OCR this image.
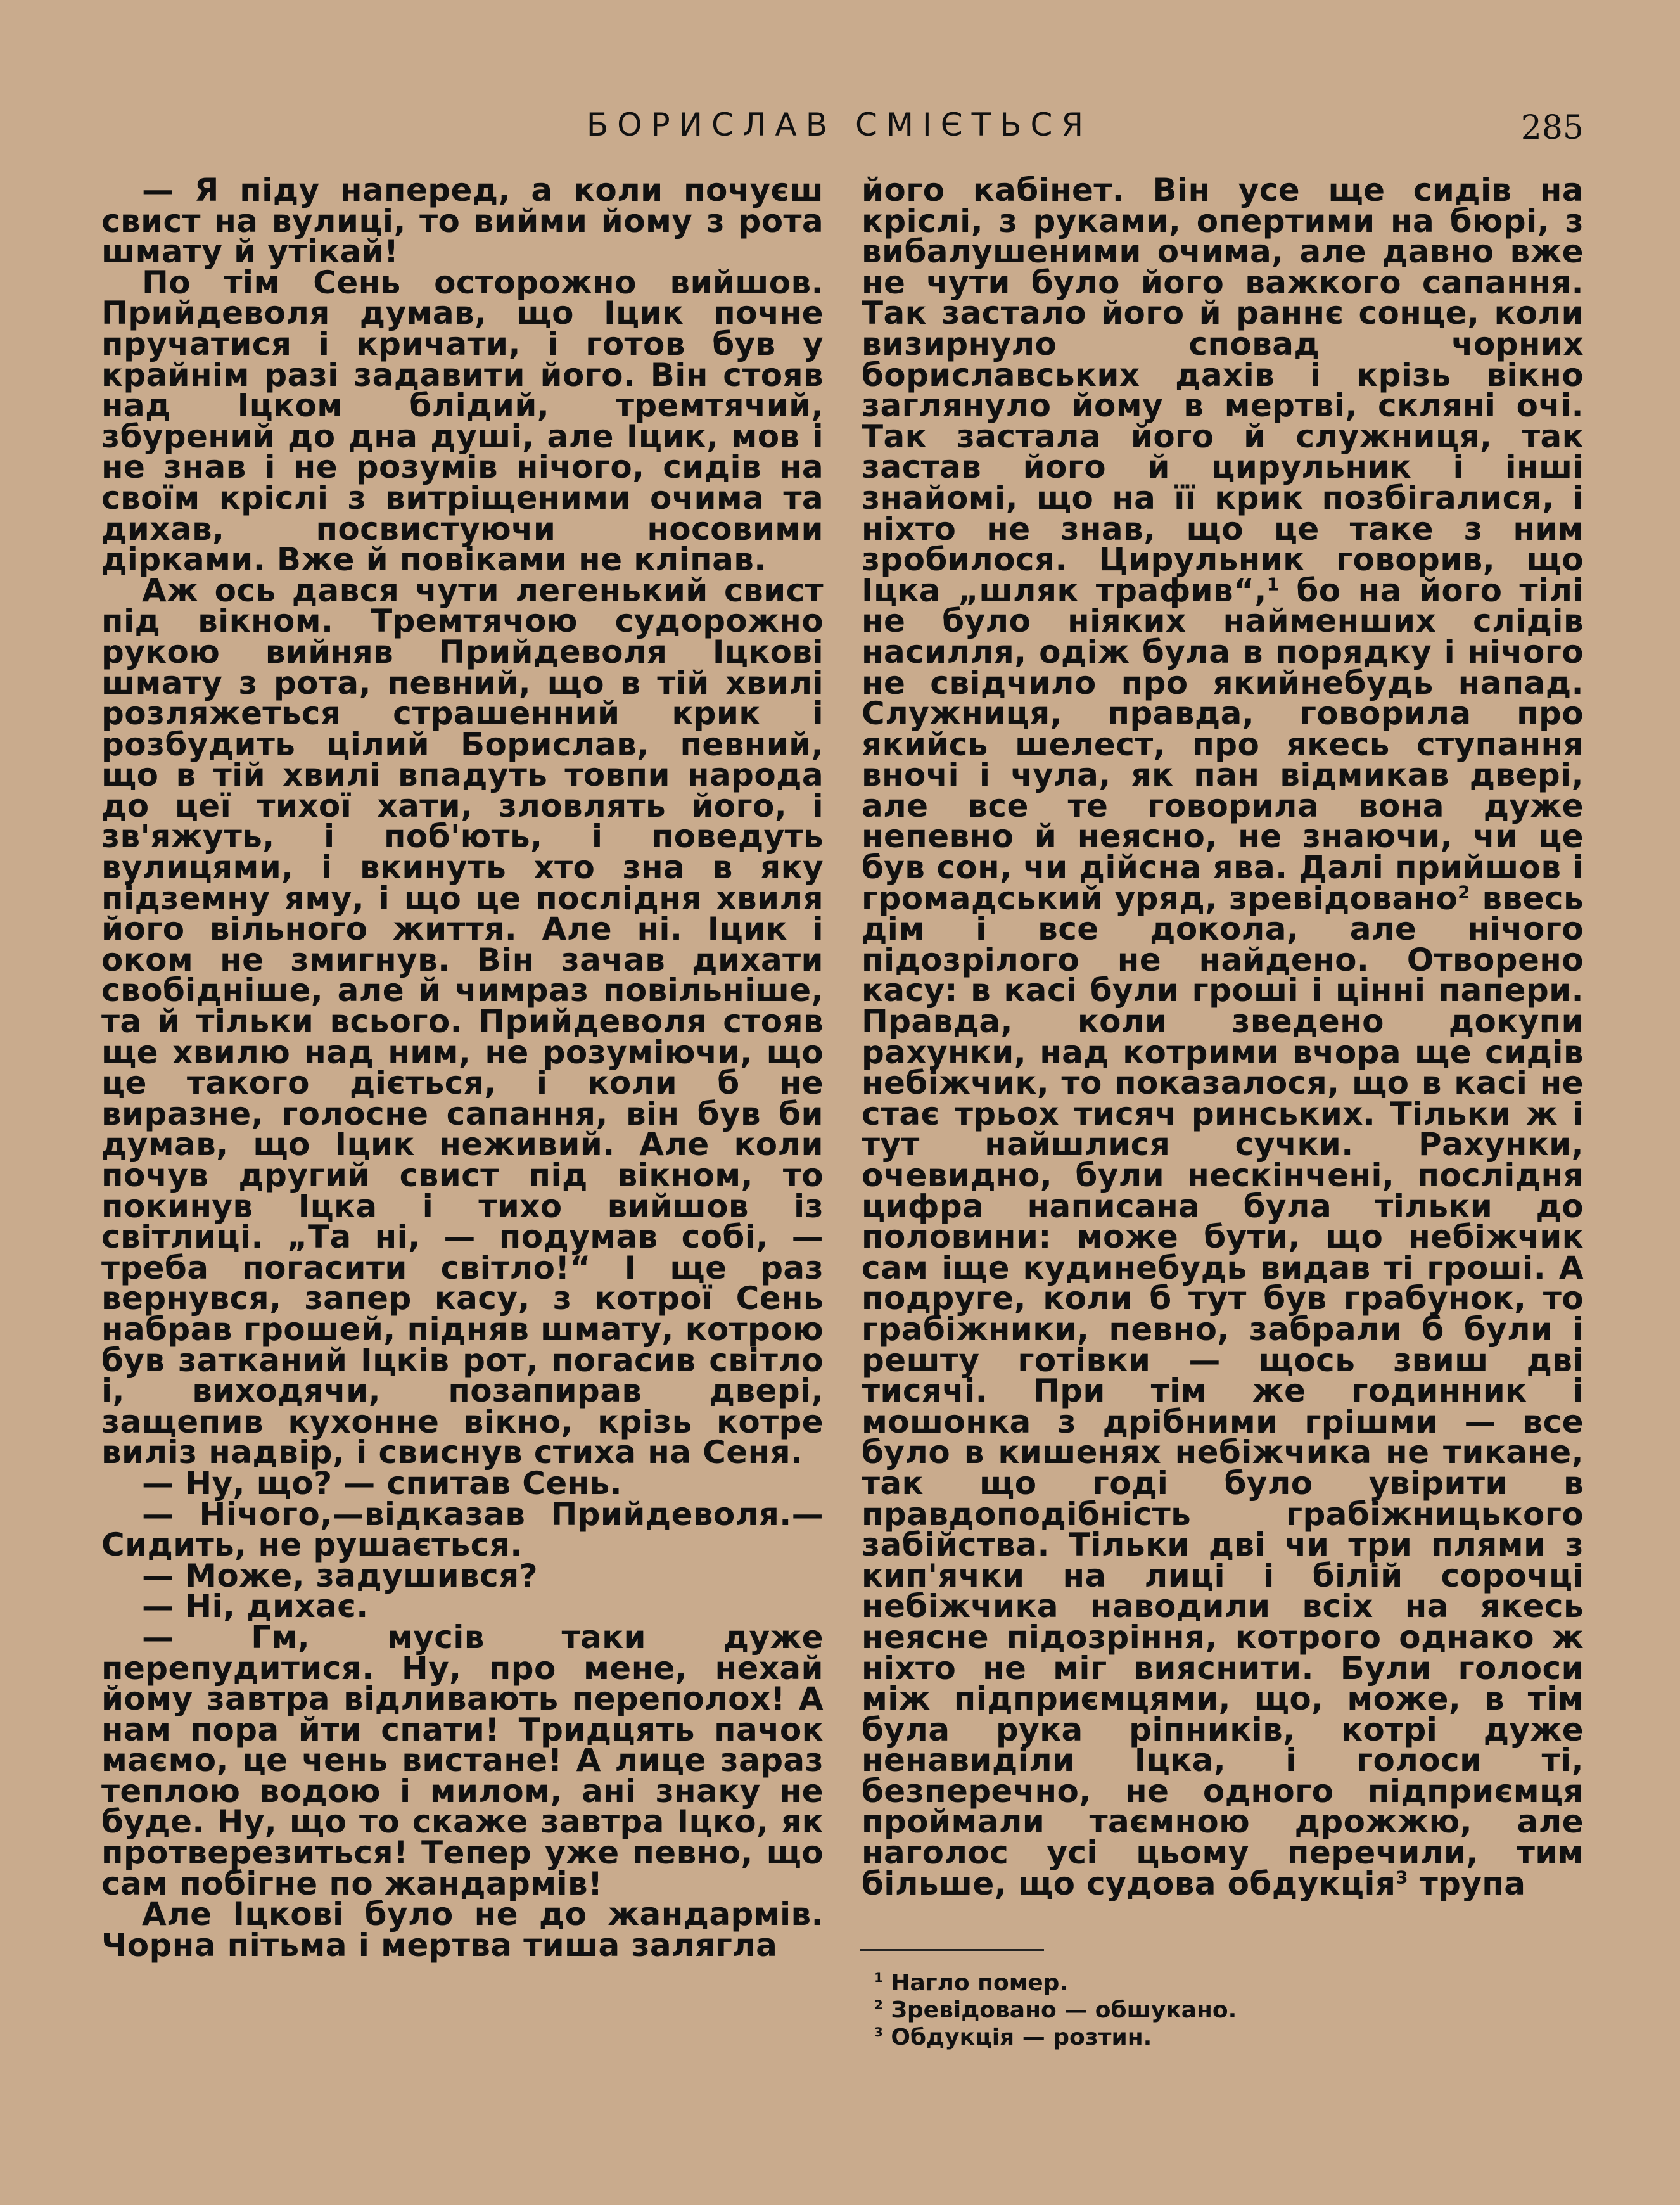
БОРИСЛАВ СМІЄТЬСЯ	285

— Я піду наперед, а коли почуєш свист на вулиці, то вийми йому з рота шмату й утікай!

По тім Сень осторожно вийшов. Прийдеволя думав, що Іцик почне пручатися і кричати, і готов був у крайнім разі задавити його. Він стояв над Іцком блідий, тремтячий, збурений до дна душі, але Іцик, мов і не знав і не розумів нічого, сидів на своїм кріслі з витріщеними очима та дихав, посвистуючи носовими дірками. Вже й повіками не кліпав.

Аж ось дався чути легенький свист під вікном. Тремтячою судорожно рукою вийняв Прийдеволя Іцкові шмату з рота, певний, що в тій хвилі розляжеться страшенний крик і розбудить цілий Борислав, певний, що в тій хвилі впадуть товпи народа до цеї тихої хати, зловлять його, і зв'яжуть, і поб'ють, і поведуть вулицями, і вкинуть хто зна в яку підземну яму, і що це послідня хвиля його вільного життя. Але ні. Іцик і оком не змигнув. Він зачав дихати свобідніше, але й чимраз повільніше, та й тільки всього. Прийдеволя стояв ще хвилю над ним, не розуміючи, що це такого діється, і коли б не виразне, голосне сапання, він був би думав, що Іцик неживий. Але коли почув другий свист під вікном, то покинув Іцка і тихо вийшов із світлиці. „Та ні, — подумав собі, — треба погасити світло!“ І ще раз вернувся, запер касу, з котрої Сень набрав грошей, підняв шмату, котрою був затканий Іцків рот, погасив світло і, виходячи, позапирав двері, защепив кухонне вікно, крізь котре виліз надвір, і свиснув стиха на Сеня.

— Ну, що? — спитав Сень.

— Нічого,—відказав Прийдеволя.— Сидить, не рушається.

— Може, задушився?

— Ні, дихає.

— Гм, мусів таки дуже перепудитися. Ну, про мене, нехай йому завтра відливають переполох! А нам пора йти спати! Тридцять пачок маємо, це чень вистане! А лице зараз теплою водою і милом, ані знаку не буде. Ну, що то скаже завтра Іцко, як протверезиться! Тепер уже певно, що сам побігне по жандармів!

Але Іцкові було не до жандармів. Чорна пітьма і мертва тиша залягла

його кабінет. Він усе ще сидів на кріслі, з руками, опертими на бюрі, з вибалушеними очима, але давно вже не чути було його важкого сапання. Так застало його й раннє сонце, коли визирнуло сповад чорних бориславських дахів і крізь вікно заглянуло йому в мертві, скляні очі. Так застала його й служниця, так застав його й цирульник і інші знайомі, що на її крик позбігалися, і ніхто не знав, що це таке з ним зробилося. Цирульник говорив, що Іцка „шляк трафив“,$^1$ бо на його тілі не було ніяких найменших слідів насилля, одіж була в порядку і нічого не свідчило про якийнебудь напад. Служниця, правда, говорила про якийсь шелест, про якесь ступання вночі і чула, як пан відмикав двері, але все те говорила вона дуже непевно й неясно, не знаючи, чи це був сон, чи дійсна ява. Далі прийшов і громадський уряд, зревідовано$^2$ ввесь дім і все докола, але нічого підозрілого не найдено. Отворено касу: в касі були гроші і цінні папери. Правда, коли зведено докупи рахунки, над котрими вчора ще сидів небіжчик, то показалося, що в касі не стає трьох тисяч ринських. Тільки ж і тут найшлися сучки. Рахунки, очевидно, були нескінчені, послідня цифра написана була тільки до половини: може бути, що небіжчик сам іще кудинебудь видав ті гроші. А подруге, коли б тут був грабунок, то грабіжники, певно, забрали б були і решту готівки — щось звиш дві тисячі. При тім же годинник і мошонка з дрібними грішми — все було в кишенях небіжчика не тикане, так що годі було увірити в правдоподібність грабіжницького забійства. Тільки дві чи три плями з кип'ячки на лиці і білій сорочці небіжчика наводили всіх на якесь неясне підозріння, котрого однако ж ніхто не міг вияснити. Були голоси між підприємцями, що, може, в тім була рука ріпників, котрі дуже ненавиділи Іцка, і голоси ті, безперечно, не одного підприємця проймали таємною дрожжю, але наголос усі цьому перечили, тим більше, що судова обдукція$^3$ трупа

$^1$ Нагло помер.
$^2$ Зревідовано — обшукано.
$^3$ Обдукція — розтин.
